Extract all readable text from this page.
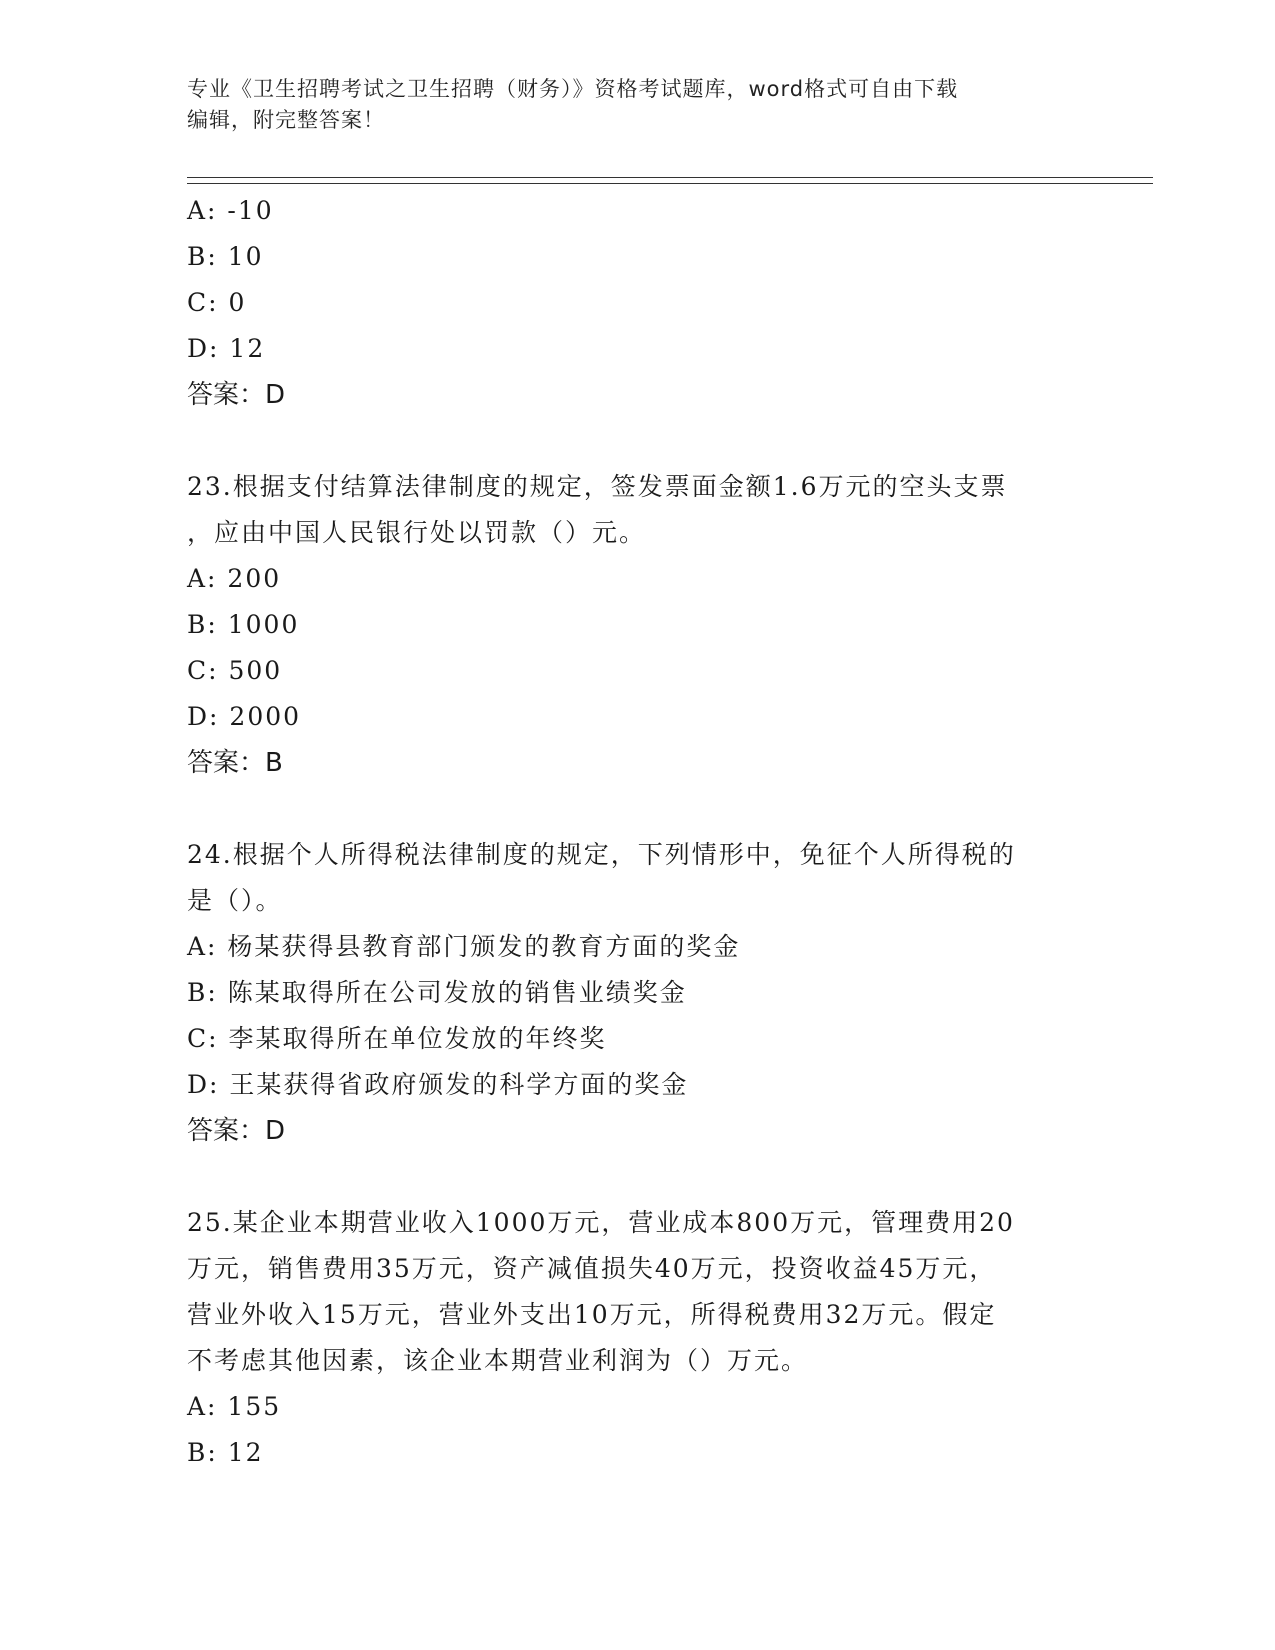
专业《卫生招聘考试之卫生招聘（财务）》资格考试题库，word格式可自由下载
编辑，附完整答案！
A: -10
B: 10
C: 0
D: 12
答案：D
23.根据支付结算法律制度的规定，签发票面金额1.6万元的空头支票
，应由中国人民银行处以罚款（）元。
A: 200
B: 1000
C: 500
D: 2000
答案：B
24.根据个人所得税法律制度的规定，下列情形中，免征个人所得税的
是（）。
A: 杨某获得县教育部门颁发的教育方面的奖金
B: 陈某取得所在公司发放的销售业绩奖金
C: 李某取得所在单位发放的年终奖
D: 王某获得省政府颁发的科学方面的奖金
答案：D
25.某企业本期营业收入1000万元，营业成本800万元，管理费用20
万元，销售费用35万元，资产减值损失40万元，投资收益45万元，
营业外收入15万元，营业外支出10万元，所得税费用32万元。假定
不考虑其他因素，该企业本期营业利润为（）万元。
A: 155
B: 12
